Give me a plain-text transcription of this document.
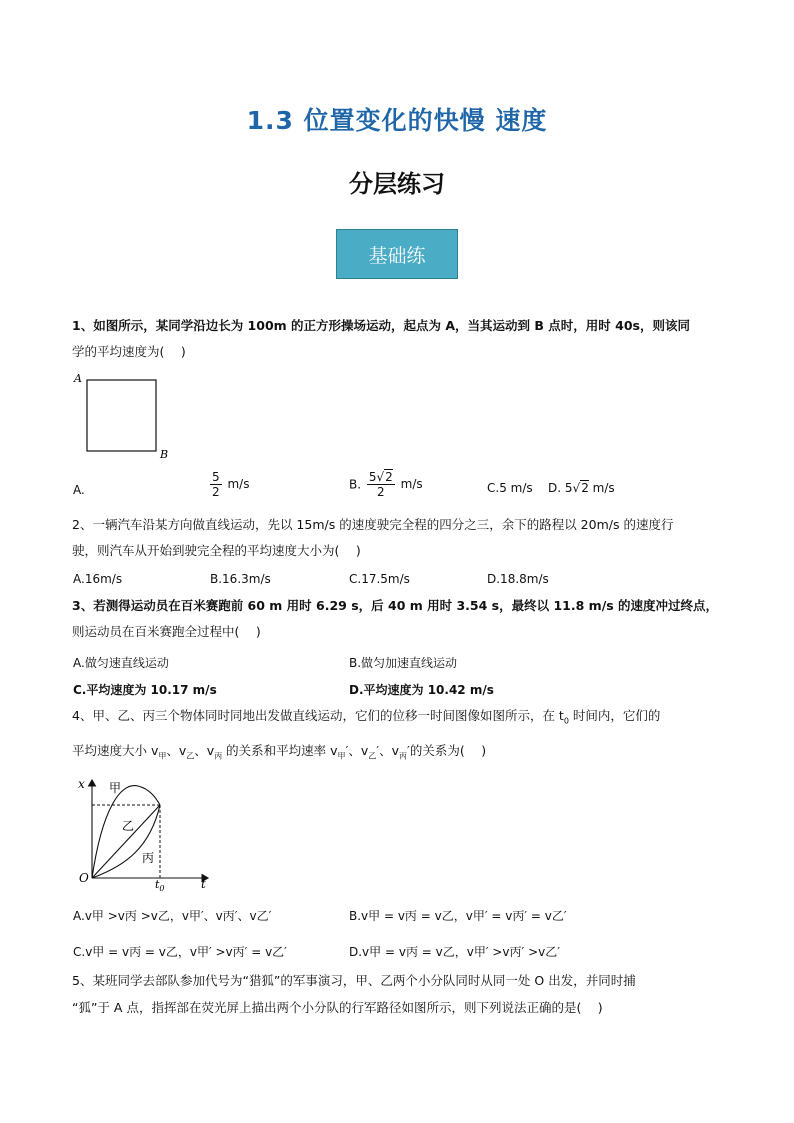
1.3 位置变化的快慢 速度
分层练习
基础练
1、如图所示，某同学沿边长为 100m 的正方形操场运动，起点为 A，当其运动到 B 点时，用时 40s，则该同
学的平均速度为(　 )
A
B
A.	$\frac{5}{2} m/s$	B. $\frac{5√2}{2} m/s$	C.5 m/s D. 5√2 m/s
2、一辆汽车沿某方向做直线运动，先以 15m/s 的速度驶完全程的四分之三，余下的路程以 20m/s 的速度行
驶，则汽车从开始到驶完全程的平均速度大小为(　 )
A.16m/s	B.16.3m/s	C.17.5m/s	D.18.8m/s
3、若测得运动员在百米赛跑前 60 m 用时 6.29 s，后 40 m 用时 3.54 s，最终以 11.8 m/s 的速度冲过终点，
则运动员在百米赛跑全过程中(　 )
A.做匀速直线运动	B.做匀加速直线运动
C.平均速度为 10.17 m/s	D.平均速度为 10.42 m/s
4、甲、乙、丙三个物体同时同地出发做直线运动，它们的位移一时间图像如图所示，在 $t_0$ 时间内，它们的
平均速度大小 $v_甲$、$v_乙$、$v_丙$ 的关系和平均速率 $v_甲'$、$v_乙'$、$v_丙'$的关系为(　 )
x
t
O	$t_0$
甲
乙
丙
A.v甲 >v丙 >v乙，v甲′、v丙′、v乙′	B.v甲 = v丙 = v乙，v甲′ = v丙′ = v乙′
C.v甲 = v丙 = v乙，v甲′ >v丙′ = v乙′	D.v甲 = v丙 = v乙，v甲′ >v丙′ >v乙′
5、某班同学去部队参加代号为“猎狐”的军事演习，甲、乙两个小分队同时从同一处 O 出发，并同时捕
“狐”于 A 点，指挥部在荧光屏上描出两个小分队的行军路径如图所示，则下列说法正确的是(　 )
